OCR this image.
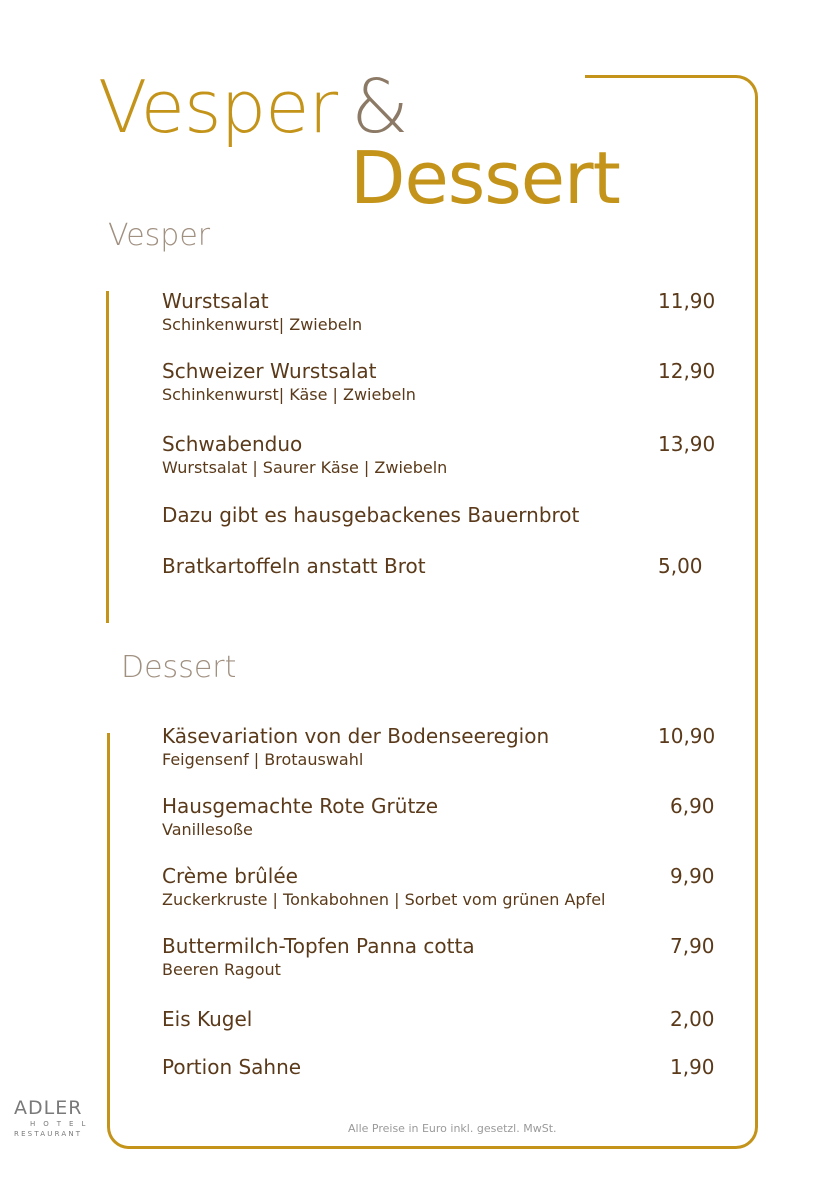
Vesper &
Dessert
Vesper
Wurstsalat
Schinkenwurst| Zwiebeln
11,90
Schweizer Wurstsalat
Schinkenwurst| Käse | Zwiebeln
12,90
Schwabenduo
Wurstsalat | Saurer Käse | Zwiebeln
13,90
Dazu gibt es hausgebackenes Bauernbrot
Bratkartoffeln anstatt Brot	5,00
Dessert
Käsevariation von der Bodenseeregion
Feigensenf | Brotauswahl
10,90
Hausgemachte Rote Grütze
Vanillesoße
6,90
Crème brûlée
Zuckerkruste | Tonkabohnen | Sorbet vom grünen Apfel
9,90
Buttermilch-Topfen Panna cotta
Beeren Ragout
7,90
Eis Kugel	2,00
Portion Sahne	1,90
Alle Preise in Euro inkl. gesetzl. MwSt.
ADLER
HOTEL
RESTAURANT
